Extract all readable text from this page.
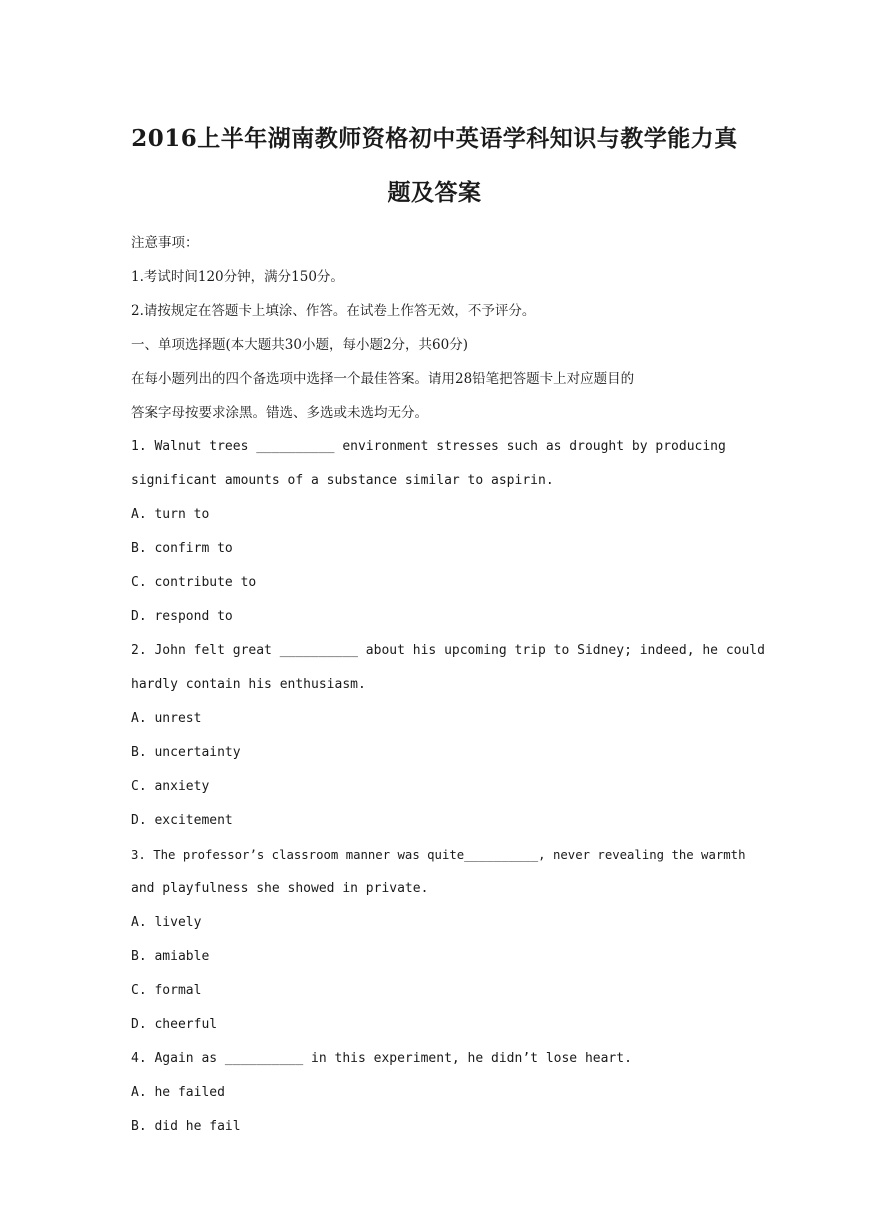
2016上半年湖南教师资格初中英语学科知识与教学能力真
题及答案

注意事项：

1.考试时间120分钟，满分150分。

2.请按规定在答题卡上填涂、作答。在试卷上作答无效，不予评分。

一、单项选择题(本大题共30小题，每小题2分，共60分)

在每小题列出的四个备选项中选择一个最佳答案。请用28铅笔把答题卡上对应题目的

答案字母按要求涂黑。错选、多选或未选均无分。

1. Walnut trees __________ environment stresses such as drought by producing

significant amounts of a substance similar to aspirin.

A. turn to

B. confirm to

C. contribute to

D. respond to

2. John felt great __________ about his upcoming trip to Sidney; indeed, he could

hardly contain his enthusiasm.

A. unrest

B. uncertainty

C. anxiety

D. excitement

3. The professor’s classroom manner was quite__________, never revealing the warmth

and playfulness she showed in private.

A. lively

B. amiable

C. formal

D. cheerful

4. Again as __________ in this experiment, he didn’t lose heart.

A. he failed

B. did he fail
